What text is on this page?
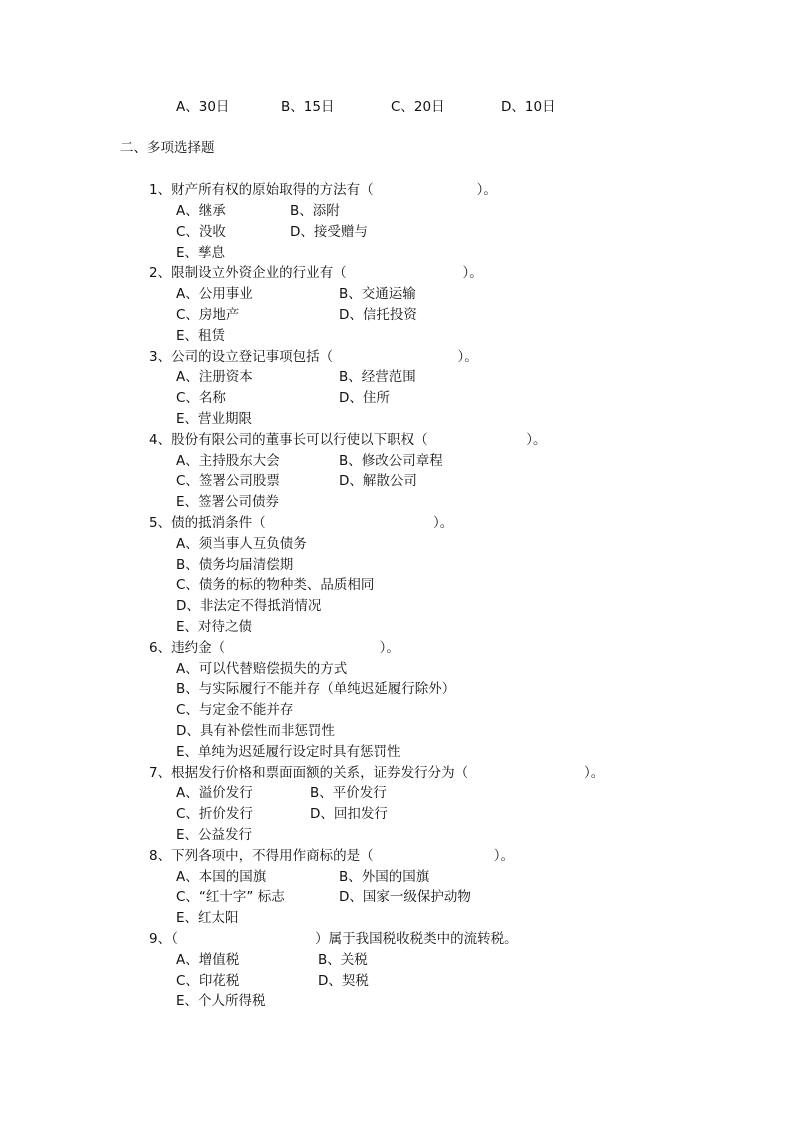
A、30日	B、15日	C、20日	D、10日
二、多项选择题
1、财产所有权的原始取得的方法有（                        ）。
A、继承	B、添附
C、没收	D、接受赠与
E、孳息
2、限制设立外资企业的行业有（                           ）。
A、公用事业	B、交通运输
C、房地产	D、信托投资
E、租赁
3、公司的设立登记事项包括（                             ）。
A、注册资本	B、经营范围
C、名称	D、住所
E、营业期限
4、股份有限公司的董事长可以行使以下职权（                       ）。
A、主持股东大会	B、修改公司章程
C、签署公司股票	D、解散公司
E、签署公司债券
5、债的抵消条件（                                       ）。
A、须当事人互负债务
B、债务均届清偿期
C、债务的标的物种类、品质相同
D、非法定不得抵消情况
E、对待之债
6、违约金（                                    ）。
A、可以代替赔偿损失的方式
B、与实际履行不能并存（单纯迟延履行除外）
C、与定金不能并存
D、具有补偿性而非惩罚性
E、单纯为迟延履行设定时具有惩罚性
7、根据发行价格和票面面额的关系，证券发行分为（                           ）。
A、溢价发行	B、平价发行
C、折价发行	D、回扣发行
E、公益发行
8、下列各项中，不得用作商标的是（                            ）。
A、本国的国旗	B、外国的国旗
C、“红十字” 标志	D、国家一级保护动物
E、红太阳
9、（                                ）属于我国税收税类中的流转税。
A、增值税	B、关税
C、印花税	D、契税
E、个人所得税
